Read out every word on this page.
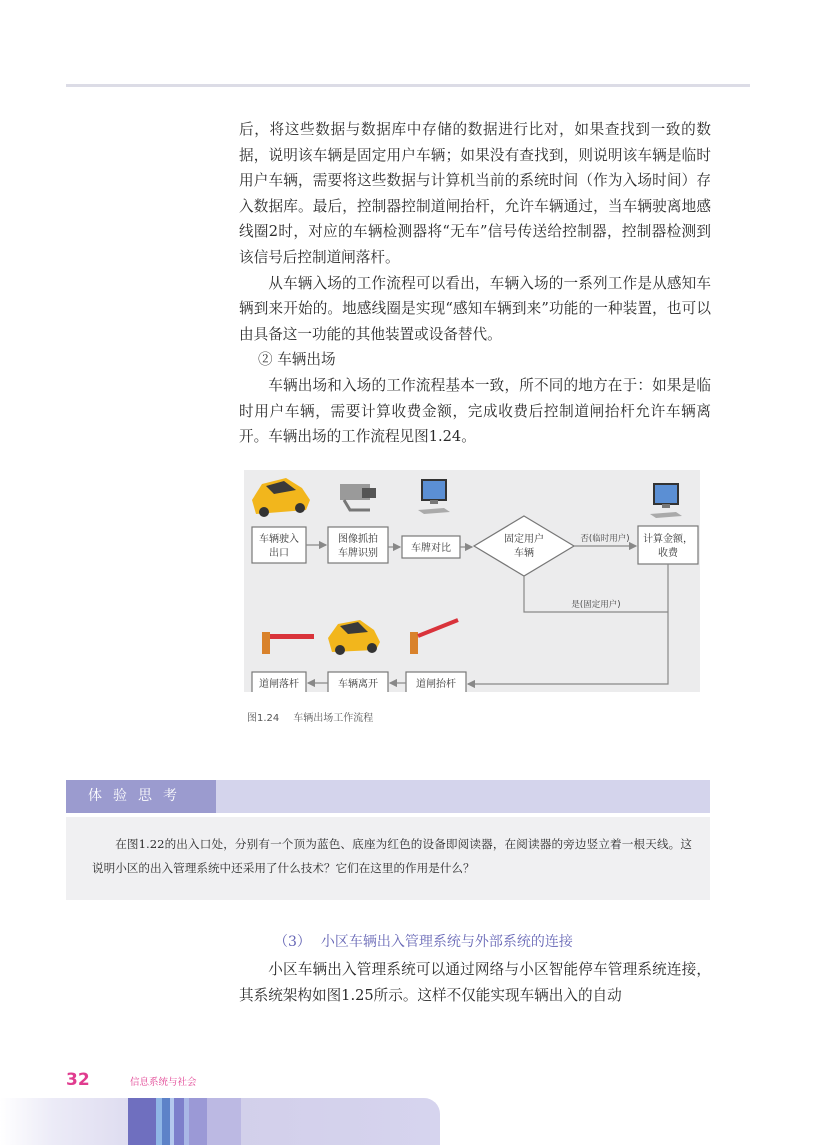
后，将这些数据与数据库中存储的数据进行比对，如果查找到一致的数据，说明该车辆是固定用户车辆；如果没有查找到，则说明该车辆是临时用户车辆，需要将这些数据与计算机当前的系统时间（作为入场时间）存入数据库。最后，控制器控制道闸抬杆，允许车辆通过，当车辆驶离地感线圈2时，对应的车辆检测器将“无车”信号传送给控制器，控制器检测到该信号后控制道闸落杆。

从车辆入场的工作流程可以看出，车辆入场的一系列工作是从感知车辆到来开始的。地感线圈是实现“感知车辆到来”功能的一种装置，也可以由具备这一功能的其他装置或设备替代。

② 车辆出场

车辆出场和入场的工作流程基本一致，所不同的地方在于：如果是临时用户车辆，需要计算收费金额，完成收费后控制道闸抬杆允许车辆离开。车辆出场的工作流程见图1.24。

车辆驶入
出口
图像抓拍
车牌识别	车牌对比
固定用户
车辆
计算金额，
收费
否(临时用户)
是(固定用户)
道闸落杆	车辆离开	道闸抬杆
图1.24 车辆出场工作流程
体验思考
在图1.22的出入口处，分别有一个顶为蓝色、底座为红色的设备即阅读器，在阅读器的旁边竖立着一根天线。这说明小区的出入管理系统中还采用了什么技术？它们在这里的作用是什么？
（3） 小区车辆出入管理系统与外部系统的连接

小区车辆出入管理系统可以通过网络与小区智能停车管理系统连接，其系统架构如图1.25所示。这样不仅能实现车辆出入的自动

32	信息系统与社会
